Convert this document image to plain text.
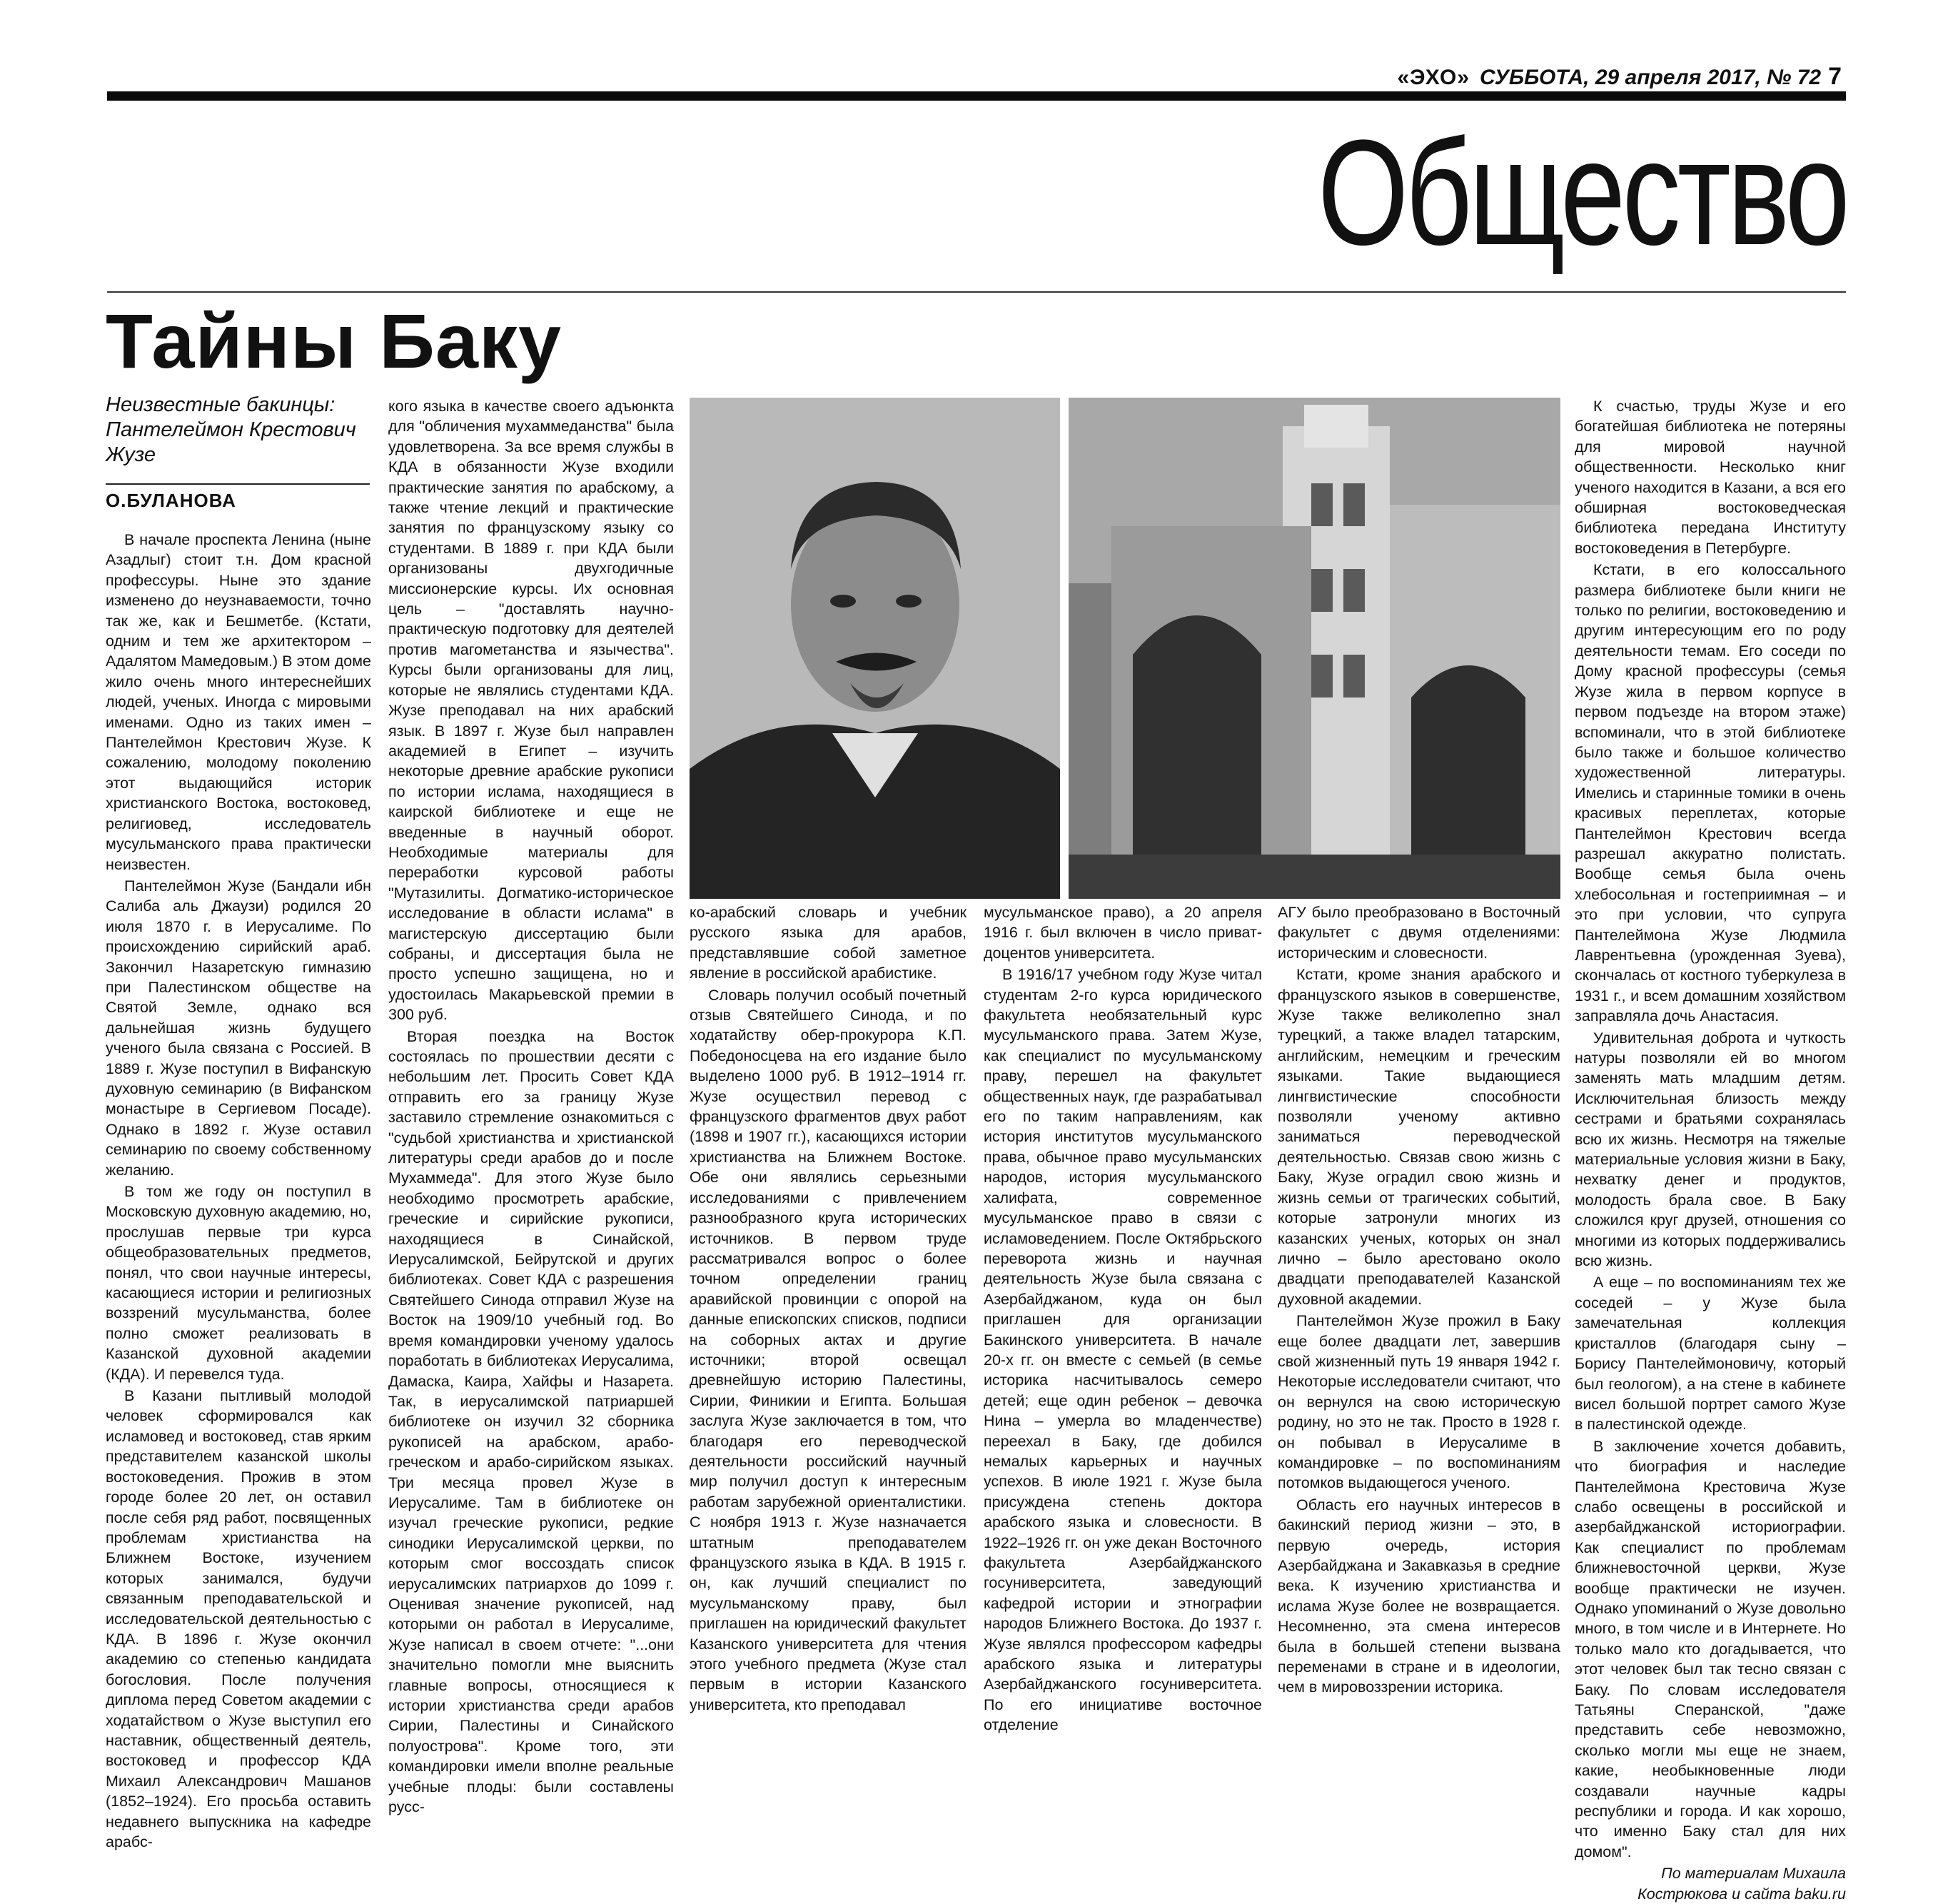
«ЭХО» СУББОТА, 29 апреля 2017, № 72 7
Общество
Тайны Баку
Неизвестные бакинцы: Пантелеймон Крестович Жузе
О.БУЛАНОВА

В начале проспекта Ленина (ныне Азадлыг) стоит т.н. Дом красной профессуры. Ныне это здание изменено до неузнаваемости, точно так же, как и Бешметбе. (Кстати, одним и тем же архитектором – Адалятом Мамедовым.) В этом доме жило очень много интереснейших людей, ученых. Иногда с мировыми именами. Одно из таких имен – Пантелеймон Крестович Жузе. К сожалению, молодому поколению этот выдающийся историк христианского Востока, востоковед, религиовед, исследователь мусульманского права практически неизвестен.

Пантелеймон Жузе (Бандали ибн Салиба аль Джаузи) родился 20 июля 1870 г. в Иерусалиме. По происхождению сирийский араб. Закончил Назаретскую гимназию при Палестинском обществе на Святой Земле, однако вся дальнейшая жизнь будущего ученого была связана с Россией. В 1889 г. Жузе поступил в Вифанскую духовную семинарию (в Вифанском монастыре в Сергиевом Посаде). Однако в 1892 г. Жузе оставил семинарию по своему собственному желанию.

В том же году он поступил в Московскую духовную академию, но, прослушав первые три курса общеобразовательных предметов, понял, что свои научные интересы, касающиеся истории и религиозных воззрений мусульманства, более полно сможет реализовать в Казанской духовной академии (КДА). И перевелся туда.

В Казани пытливый молодой человек сформировался как исламовед и востоковед, став ярким представителем казанской школы востоковедения. Прожив в этом городе более 20 лет, он оставил после себя ряд работ, посвященных проблемам христианства на Ближнем Востоке, изучением которых занимался, будучи связанным преподавательской и исследовательской деятельностью с КДА. В 1896 г. Жузе окончил академию со степенью кандидата богословия. После получения диплома перед Советом академии с ходатайством о Жузе выступил его наставник, общественный деятель, востоковед и профессор КДА Михаил Александрович Машанов (1852–1924). Его просьба оставить недавнего выпускника на кафедре арабс-

кого языка в качестве своего адъюнкта для "обличения мухаммеданства" была удовлетворена. За все время службы в КДА в обязанности Жузе входили практические занятия по арабскому, а также чтение лекций и практические занятия по французскому языку со студентами. В 1889 г. при КДА были организованы двухгодичные миссионерские курсы. Их основная цель – "доставлять научно-практическую подготовку для деятелей против магометанства и язычества". Курсы были организованы для лиц, которые не являлись студентами КДА. Жузе преподавал на них арабский язык. В 1897 г. Жузе был направлен академией в Египет – изучить некоторые древние арабские рукописи по истории ислама, находящиеся в каирской библиотеке и еще не введенные в научный оборот. Необходимые материалы для переработки курсовой работы "Мутазилиты. Догматико-историческое исследование в области ислама" в магистерскую диссертацию были собраны, и диссертация была не просто успешно защищена, но и удостоилась Макарьевской премии в 300 руб.

Вторая поездка на Восток состоялась по прошествии десяти с небольшим лет. Просить Совет КДА отправить его за границу Жузе заставило стремление ознакомиться с "судьбой христианства и христианской литературы среди арабов до и после Мухаммеда". Для этого Жузе было необходимо просмотреть арабские, греческие и сирийские рукописи, находящиеся в Синайской, Иерусалимской, Бейрутской и других библиотеках. Совет КДА с разрешения Святейшего Синода отправил Жузе на Восток на 1909/10 учебный год. Во время командировки ученому удалось поработать в библиотеках Иерусалима, Дамаска, Каира, Хайфы и Назарета. Так, в иерусалимской патриаршей библиотеке он изучил 32 сборника рукописей на арабском, арабо-греческом и арабо-сирийском языках. Три месяца провел Жузе в Иерусалиме. Там в библиотеке он изучал греческие рукописи, редкие синодики Иерусалимской церкви, по которым смог воссоздать список иерусалимских патриархов до 1099 г. Оценивая значение рукописей, над которыми он работал в Иерусалиме, Жузе написал в своем отчете: "...они значительно помогли мне выяснить главные вопросы, относящиеся к истории христианства среди арабов Сирии, Палестины и Синайского полуострова". Кроме того, эти командировки имели вполне реальные учебные плоды: были составлены русс-

ко-арабский словарь и учебник русского языка для арабов, представлявшие собой заметное явление в российской арабистике.

Словарь получил особый почетный отзыв Святейшего Синода, и по ходатайству обер-прокурора К.П. Победоносцева на его издание было выделено 1000 руб. В 1912–1914 гг. Жузе осуществил перевод с французского фрагментов двух работ (1898 и 1907 гг.), касающихся истории христианства на Ближнем Востоке. Обе они являлись серьезными исследованиями с привлечением разнообразного круга исторических источников. В первом труде рассматривался вопрос о более точном определении границ аравийской провинции с опорой на данные епископских списков, подписи на соборных актах и другие источники; второй освещал древнейшую историю Палестины, Сирии, Финикии и Египта. Большая заслуга Жузе заключается в том, что благодаря его переводческой деятельности российский научный мир получил доступ к интересным работам зарубежной ориенталистики. С ноября 1913 г. Жузе назначается штатным преподавателем французского языка в КДА. В 1915 г. он, как лучший специалист по мусульманскому праву, был приглашен на юридический факультет Казанского университета для чтения этого учебного предмета (Жузе стал первым в истории Казанского университета, кто преподавал

мусульманское право), а 20 апреля 1916 г. был включен в число приват-доцентов университета.

В 1916/17 учебном году Жузе читал студентам 2-го курса юридического факультета необязательный курс мусульманского права. Затем Жузе, как специалист по мусульманскому праву, перешел на факультет общественных наук, где разрабатывал его по таким направлениям, как история институтов мусульманского права, обычное право мусульманских народов, история мусульманского халифата, современное мусульманское право в связи с исламоведением. После Октябрьского переворота жизнь и научная деятельность Жузе была связана с Азербайджаном, куда он был приглашен для организации Бакинского университета. В начале 20-х гг. он вместе с семьей (в семье историка насчитывалось семеро детей; еще один ребенок – девочка Нина – умерла во младенчестве) переехал в Баку, где добился немалых карьерных и научных успехов. В июле 1921 г. Жузе была присуждена степень доктора арабского языка и словесности. В 1922–1926 гг. он уже декан Восточного факультета Азербайджанского госуниверситета, заведующий кафедрой истории и этнографии народов Ближнего Востока. До 1937 г. Жузе являлся профессором кафедры арабского языка и литературы Азербайджанского госуниверситета. По его инициативе восточное отделение

АГУ было преобразовано в Восточный факультет с двумя отделениями: историческим и словесности.

Кстати, кроме знания арабского и французского языков в совершенстве, Жузе также великолепно знал турецкий, а также владел татарским, английским, немецким и греческим языками. Такие выдающиеся лингвистические способности позволяли ученому активно заниматься переводческой деятельностью. Связав свою жизнь с Баку, Жузе оградил свою жизнь и жизнь семьи от трагических событий, которые затронули многих из казанских ученых, которых он знал лично – было арестовано около двадцати преподавателей Казанской духовной академии.

Пантелеймон Жузе прожил в Баку еще более двадцати лет, завершив свой жизненный путь 19 января 1942 г. Некоторые исследователи считают, что он вернулся на свою историческую родину, но это не так. Просто в 1928 г. он побывал в Иерусалиме в командировке – по воспоминаниям потомков выдающегося ученого.

Область его научных интересов в бакинский период жизни – это, в первую очередь, история Азербайджана и Закавказья в средние века. К изучению христианства и ислама Жузе более не возвращается. Несомненно, эта смена интересов была в большей степени вызвана переменами в стране и в идеологии, чем в мировоззрении историка.

К счастью, труды Жузе и его богатейшая библиотека не потеряны для мировой научной общественности. Несколько книг ученого находится в Казани, а вся его обширная востоковедческая библиотека передана Институту востоковедения в Петербурге.

Кстати, в его колоссального размера библиотеке были книги не только по религии, востоковедению и другим интересующим его по роду деятельности темам. Его соседи по Дому красной профессуры (семья Жузе жила в первом корпусе в первом подъезде на втором этаже) вспоминали, что в этой библиотеке было также и большое количество художественной литературы. Имелись и старинные томики в очень красивых переплетах, которые Пантелеймон Крестович всегда разрешал аккуратно полистать. Вообще семья была очень хлебосольная и гостеприимная – и это при условии, что супруга Пантелеймона Жузе Людмила Лаврентьевна (урожденная Зуева), скончалась от костного туберкулеза в 1931 г., и всем домашним хозяйством заправляла дочь Анастасия.

Удивительная доброта и чуткость натуры позволяли ей во многом заменять мать младшим детям. Исключительная близость между сестрами и братьями сохранялась всю их жизнь. Несмотря на тяжелые материальные условия жизни в Баку, нехватку денег и продуктов, молодость брала свое. В Баку сложился круг друзей, отношения со многими из которых поддерживались всю жизнь.

А еще – по воспоминаниям тех же соседей – у Жузе была замечательная коллекция кристаллов (благодаря сыну – Борису Пантелеймоновичу, который был геологом), а на стене в кабинете висел большой портрет самого Жузе в палестинской одежде.

В заключение хочется добавить, что биография и наследие Пантелеймона Крестовича Жузе слабо освещены в российской и азербайджанской историографии. Как специалист по проблемам ближневосточной церкви, Жузе вообще практически не изучен. Однако упоминаний о Жузе довольно много, в том числе и в Интернете. Но только мало кто догадывается, что этот человек был так тесно связан с Баку. По словам исследователя Татьяны Сперанской, "даже представить себе невозможно, сколько могли мы еще не знаем, какие, необыкновенные люди создавали научные кадры республики и города. И как хорошо, что именно Баку стал для них домом".

По материалам Михаила Кострюкова и сайта baku.ru
